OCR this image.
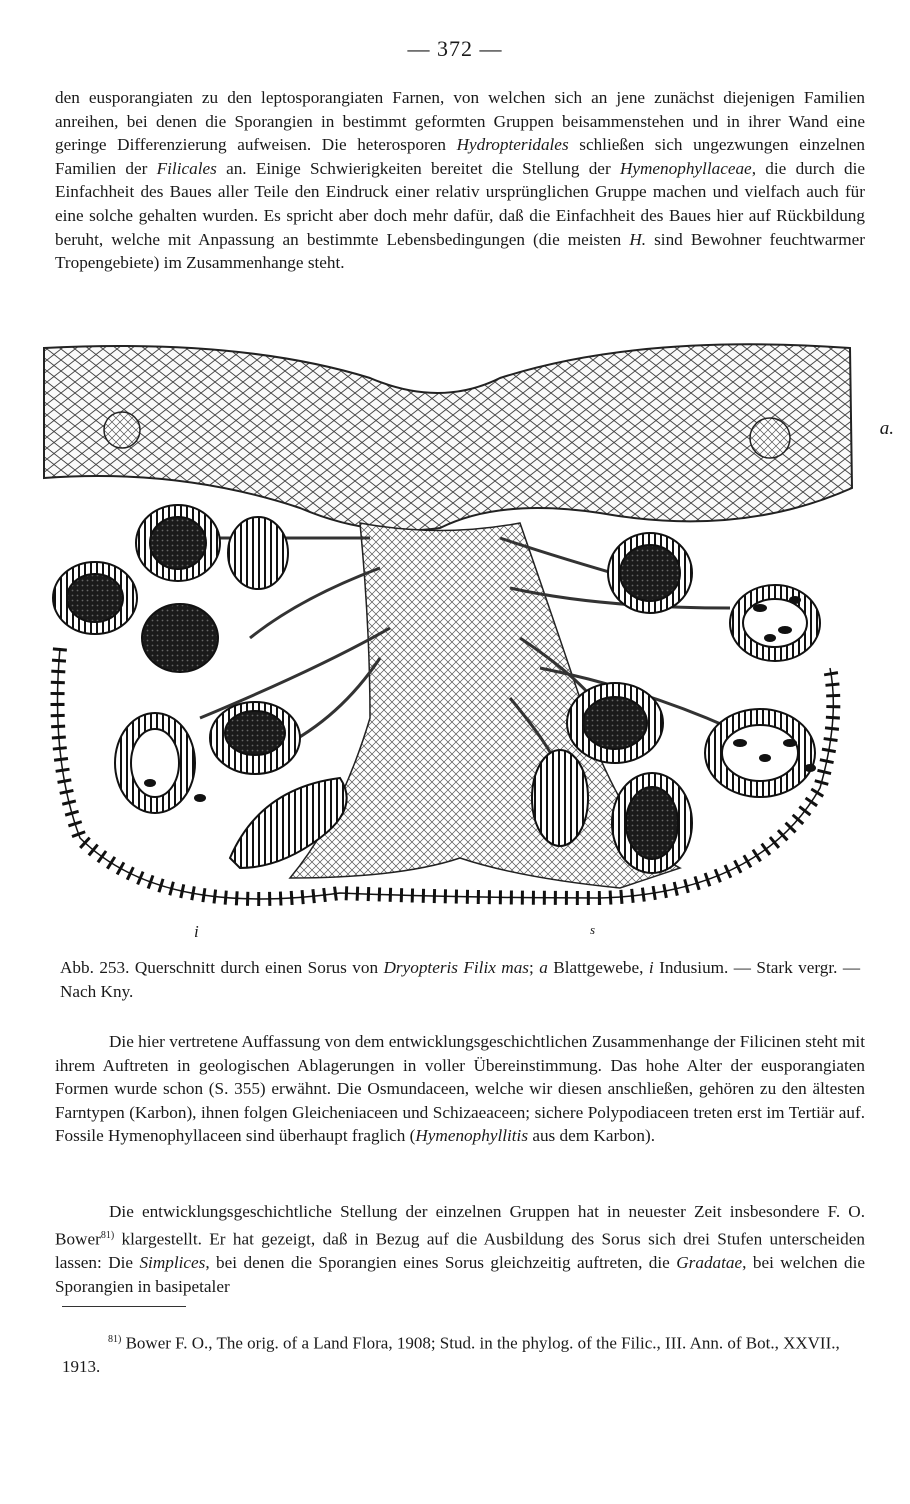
— 372 —

den eusporangiaten zu den leptosporangiaten Farnen, von welchen sich an jene zunächst diejenigen Familien anreihen, bei denen die Sporangien in bestimmt geformten Gruppen beisammenstehen und in ihrer Wand eine geringe Differenzierung aufweisen. Die heterosporen Hydropteridales schließen sich ungezwungen einzelnen Familien der Filicales an. Einige Schwierigkeiten bereitet die Stellung der Hymenophyllaceae, die durch die Einfachheit des Baues aller Teile den Eindruck einer relativ ursprünglichen Gruppe machen und vielfach auch für eine solche gehalten wurden. Es spricht aber doch mehr dafür, daß die Einfachheit des Baues hier auf Rückbildung beruht, welche mit Anpassung an bestimmte Lebensbedingungen (die meisten H. sind Bewohner feuchtwarmer Tropengebiete) im Zusammenhange steht.

a.
i	s
Abb. 253. Querschnitt durch einen Sorus von Dryopteris Filix mas; a Blattgewebe, i Indusium. — Stark vergr. — Nach Kny.

Die hier vertretene Auffassung von dem entwicklungsgeschichtlichen Zusammenhange der Filicinen steht mit ihrem Auftreten in geologischen Ablagerungen in voller Übereinstimmung. Das hohe Alter der eusporangiaten Formen wurde schon (S. 355) erwähnt. Die Osmundaceen, welche wir diesen anschließen, gehören zu den ältesten Farntypen (Karbon), ihnen folgen Gleicheniaceen und Schizaeaceen; sichere Polypodiaceen treten erst im Tertiär auf. Fossile Hymenophyllaceen sind überhaupt fraglich (Hymenophyllitis aus dem Karbon).

Die entwicklungsgeschichtliche Stellung der einzelnen Gruppen hat in neuester Zeit insbesondere F. O. Bower$^{81)}$ klargestellt. Er hat gezeigt, daß in Bezug auf die Ausbildung des Sorus sich drei Stufen unterscheiden lassen: Die Simplices, bei denen die Sporangien eines Sorus gleichzeitig auftreten, die Gradatae, bei welchen die Sporangien in basipetaler

$^{81)}$ Bower F. O., The orig. of a Land Flora, 1908; Stud. in the phylog. of the Filic., III. Ann. of Bot., XXVII., 1913.
